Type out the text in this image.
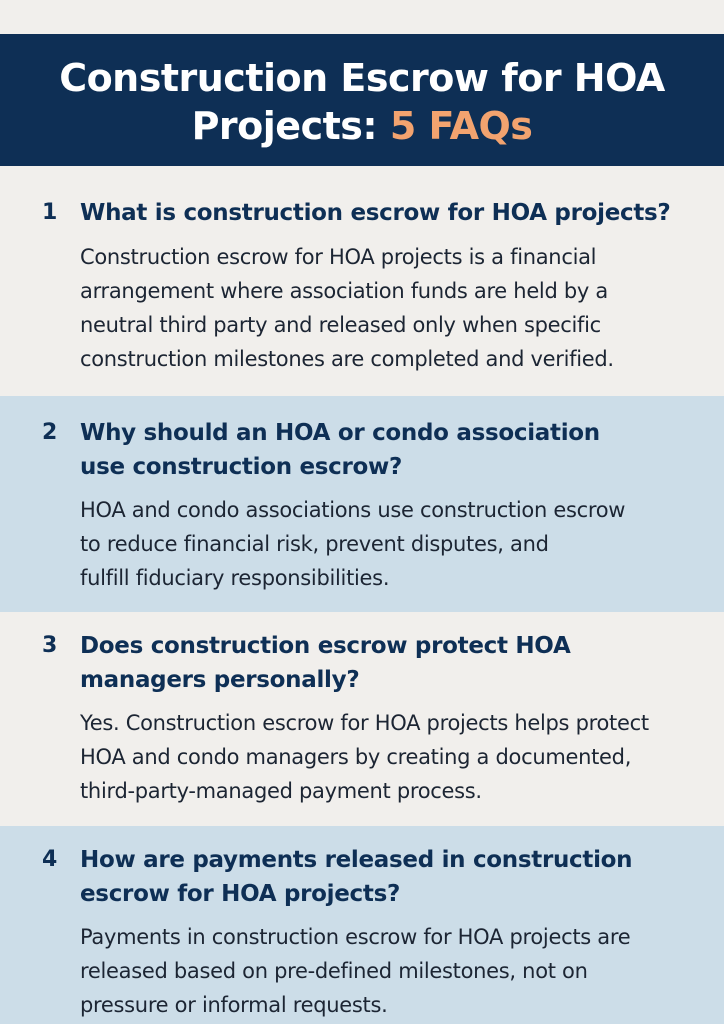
Construction Escrow for HOA
Projects: 5 FAQs
1 What is construction escrow for HOA projects?
Construction escrow for HOA projects is a financial
arrangement where association funds are held by a
neutral third party and released only when specific
construction milestones are completed and verified.
2 Why should an HOA or condo association
use construction escrow?
HOA and condo associations use construction escrow
to reduce financial risk, prevent disputes, and
fulfill fiduciary responsibilities.
3 Does construction escrow protect HOA
managers personally?
Yes. Construction escrow for HOA projects helps protect
HOA and condo managers by creating a documented,
third-party-managed payment process.
4 How are payments released in construction
escrow for HOA projects?
Payments in construction escrow for HOA projects are
released based on pre-defined milestones, not on
pressure or informal requests.
